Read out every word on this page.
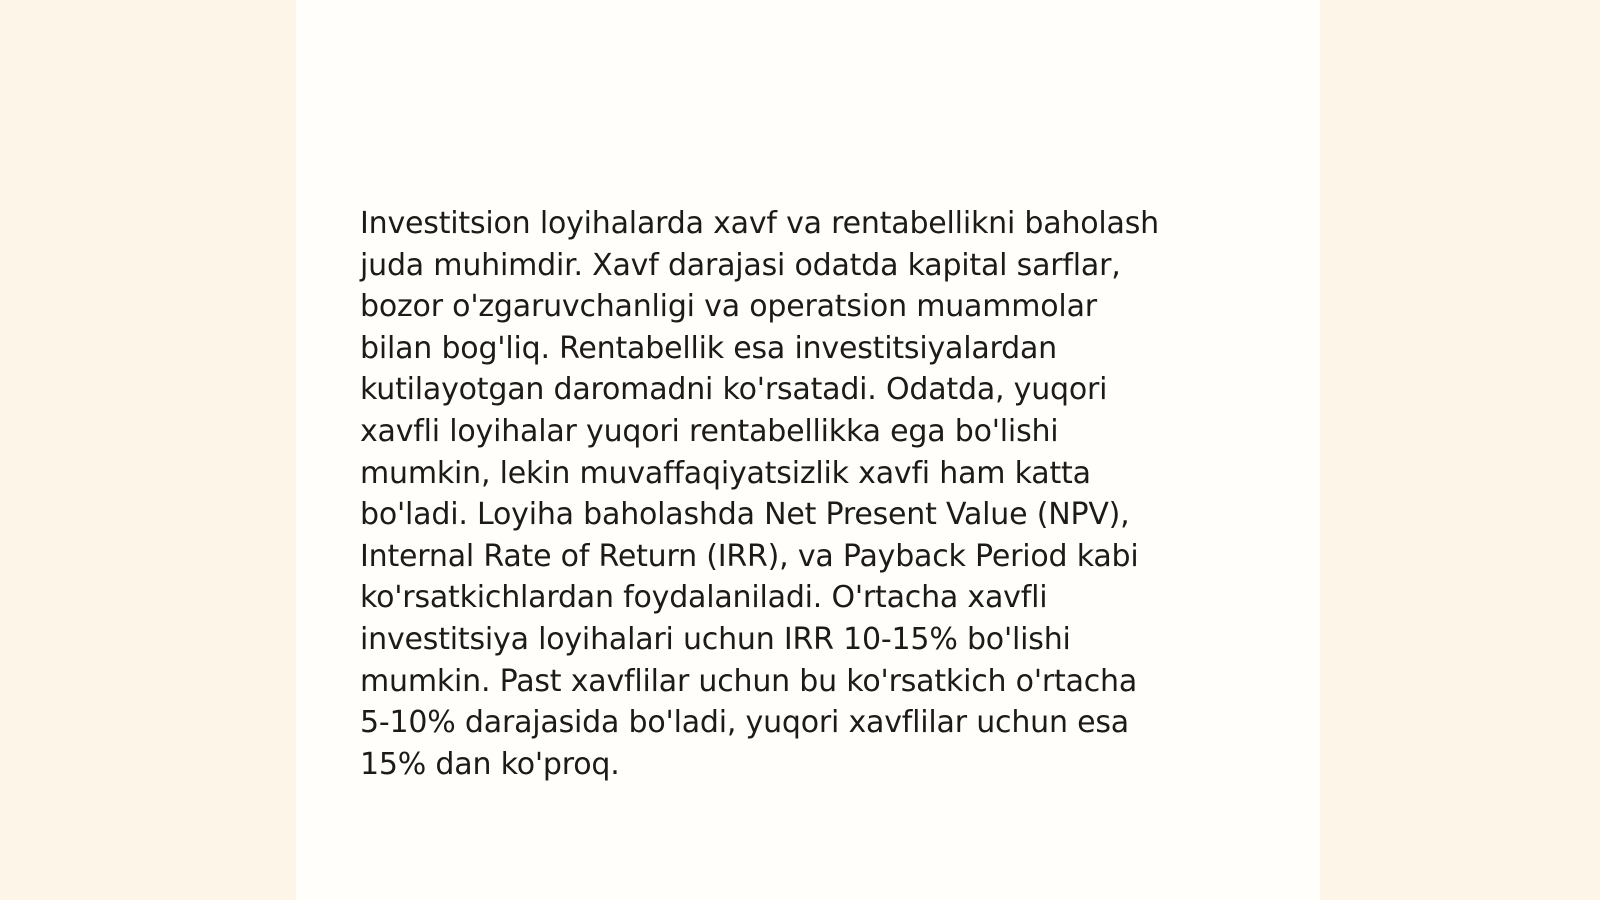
Investitsion loyihalarda xavf va rentabellikni baholash
juda muhimdir. Xavf darajasi odatda kapital sarflar,
bozor o'zgaruvchanligi va operatsion muammolar
bilan bog'liq. Rentabellik esa investitsiyalardan
kutilayotgan daromadni ko'rsatadi. Odatda, yuqori
xavfli loyihalar yuqori rentabellikka ega bo'lishi
mumkin, lekin muvaffaqiyatsizlik xavfi ham katta
bo'ladi. Loyiha baholashda Net Present Value (NPV),
Internal Rate of Return (IRR), va Payback Period kabi
ko'rsatkichlardan foydalaniladi. O'rtacha xavfli
investitsiya loyihalari uchun IRR 10-15% bo'lishi
mumkin. Past xavflilar uchun bu ko'rsatkich o'rtacha
5-10% darajasida bo'ladi, yuqori xavflilar uchun esa
15% dan ko'proq.
